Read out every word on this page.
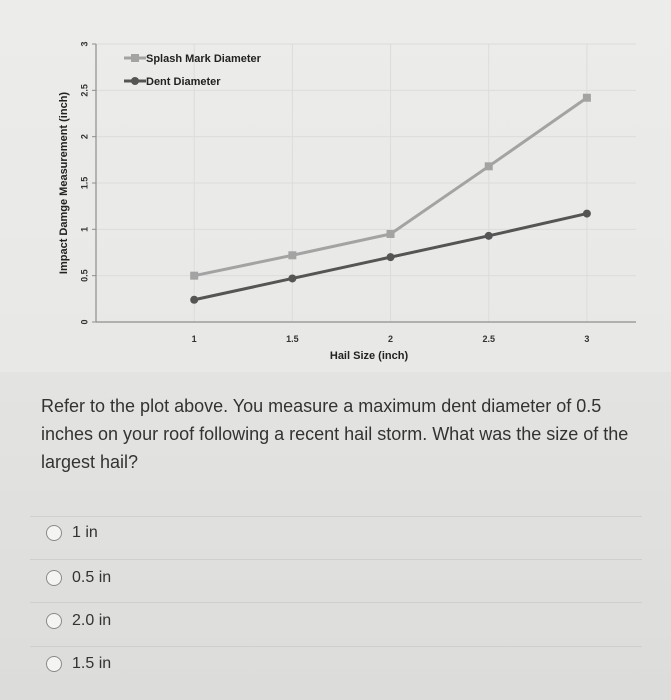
0
0.5
1
1.5
2
2.5
3
1	1.5	2	2.5	3
Hail Size (inch)
Impact Damge Measurement (inch)
Splash Mark Diameter
Dent Diameter
Refer to the plot above. You measure a maximum dent diameter of 0.5 inches on your roof following a recent hail storm. What was the size of the largest hail?
1 in
0.5 in
2.0 in
1.5 in
